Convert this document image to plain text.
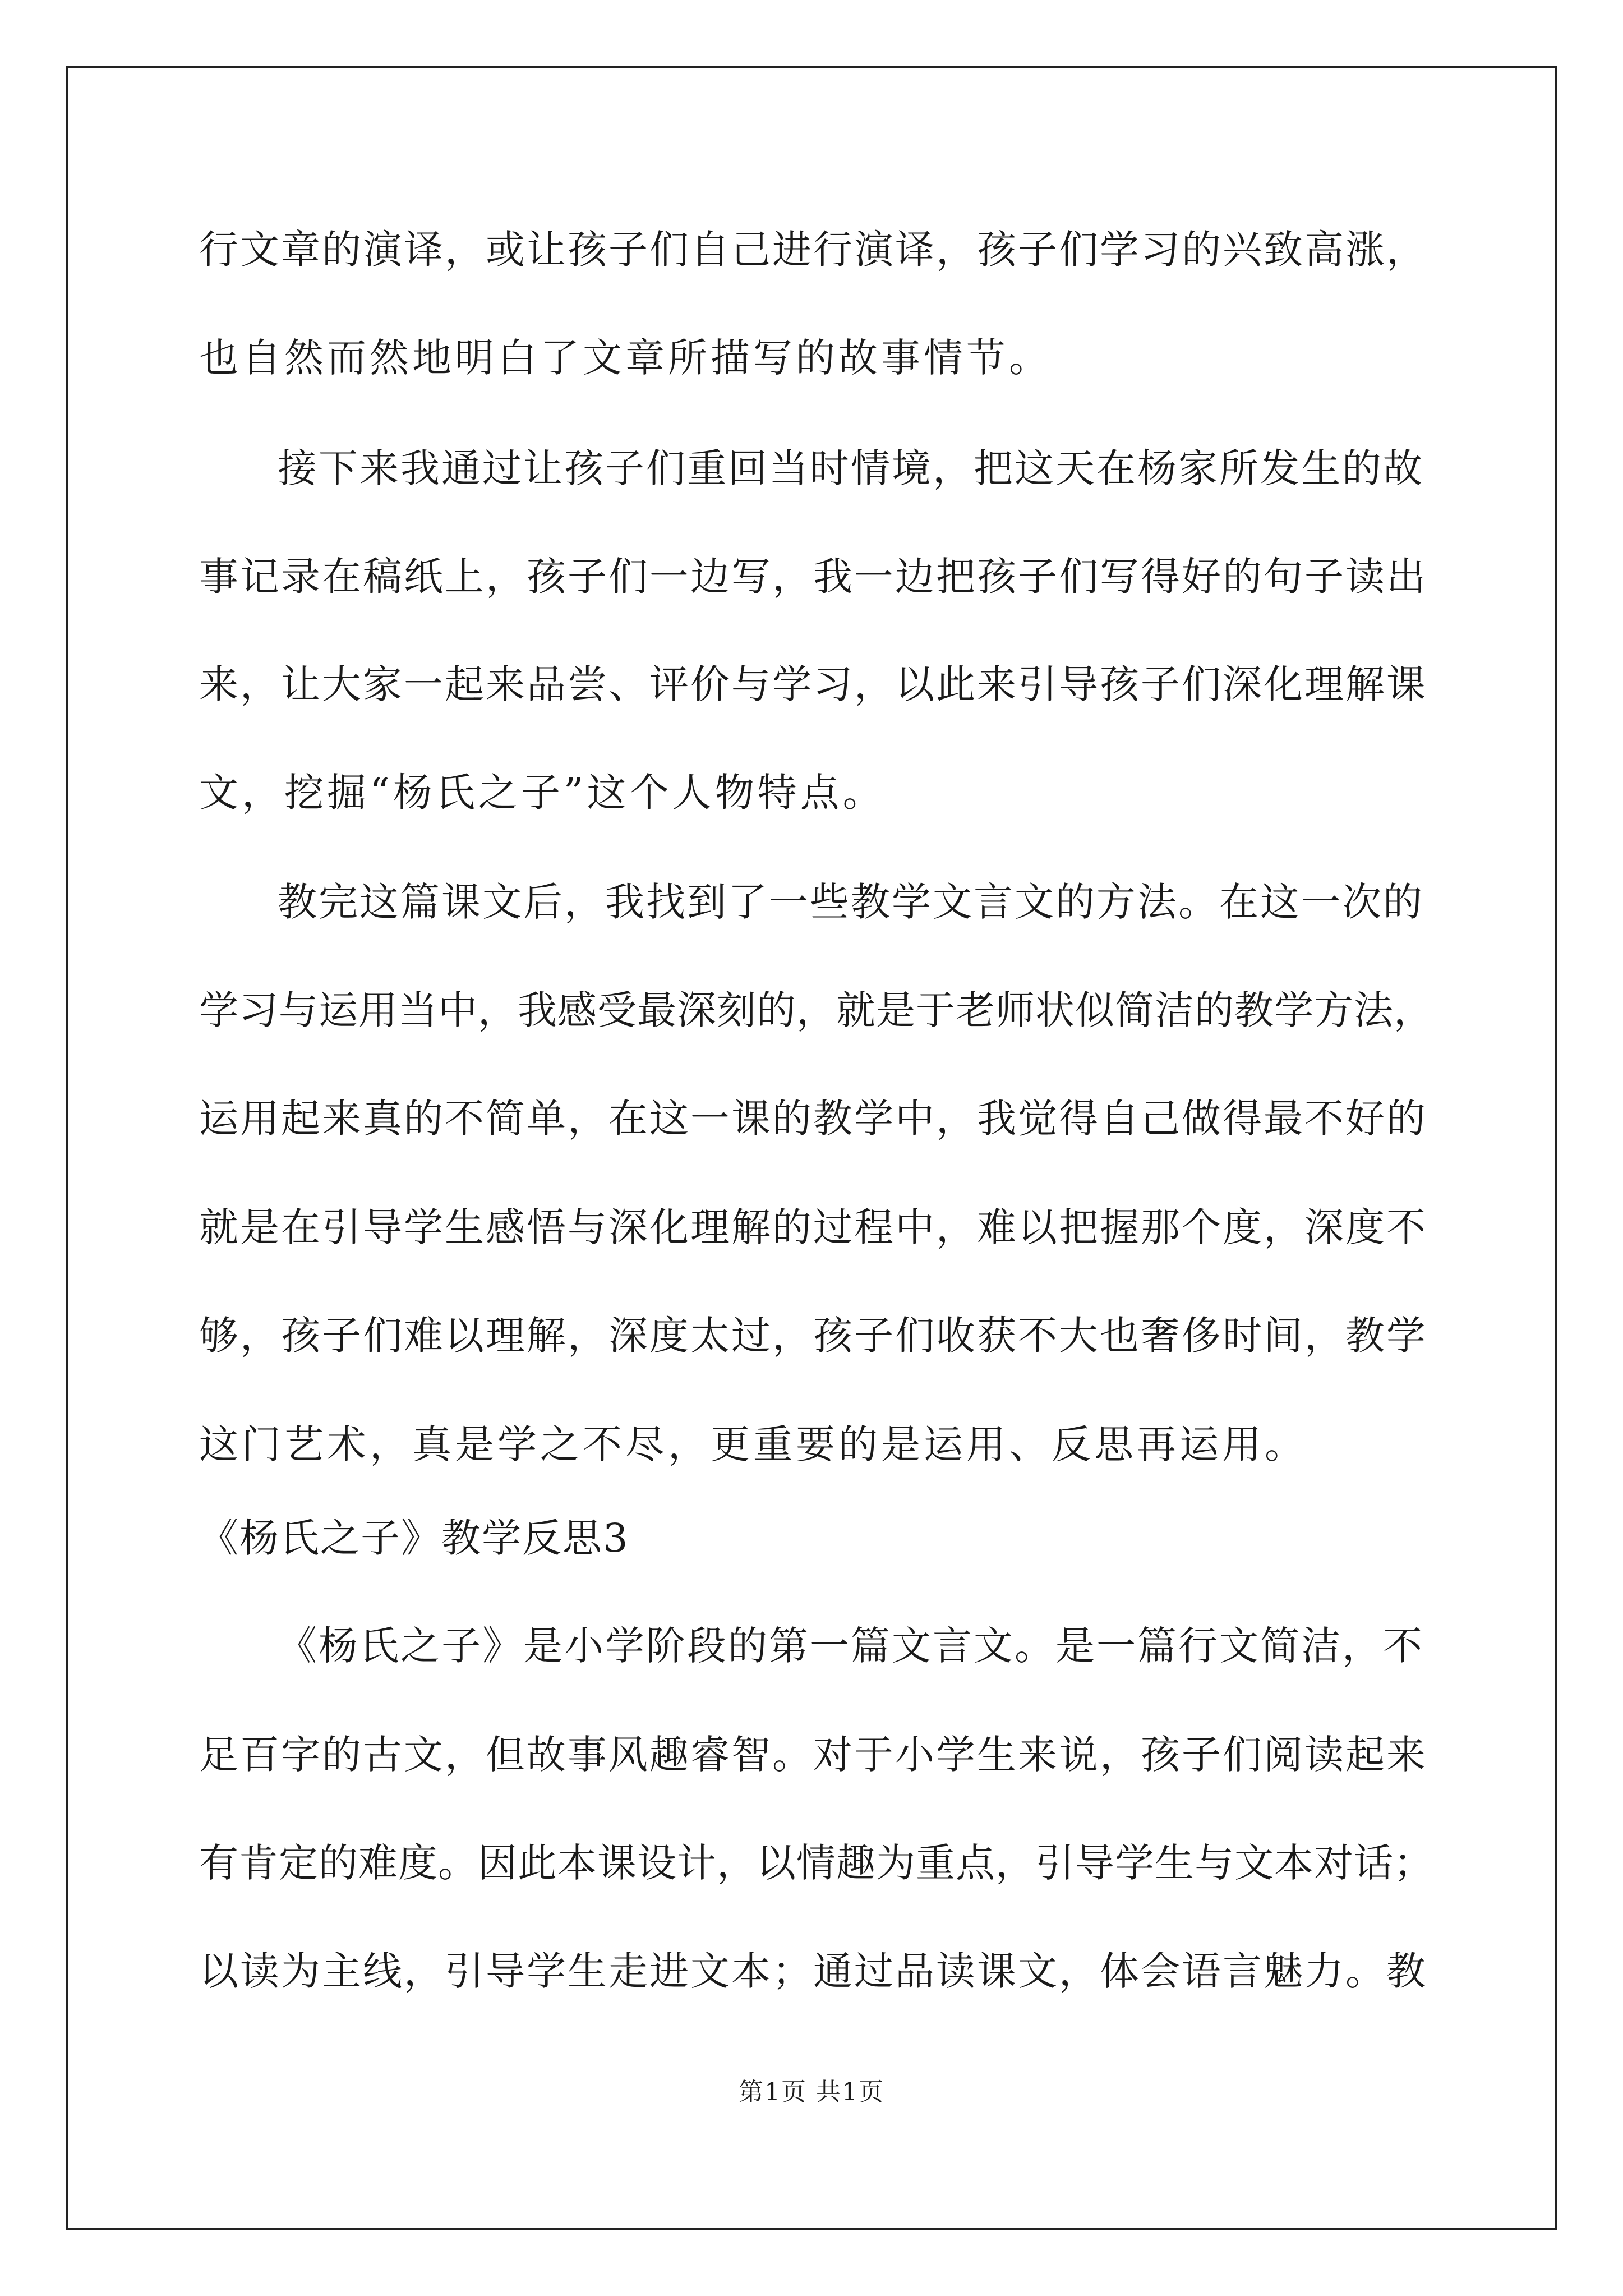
行文章的演译，或让孩子们自己进行演译，孩子们学习的兴致高涨，
也自然而然地明白了文章所描写的故事情节。
接下来我通过让孩子们重回当时情境，把这天在杨家所发生的故
事记录在稿纸上，孩子们一边写，我一边把孩子们写得好的句子读出
来，让大家一起来品尝、评价与学习，以此来引导孩子们深化理解课
文，挖掘“杨氏之子”这个人物特点。
教完这篇课文后，我找到了一些教学文言文的方法。在这一次的
学习与运用当中，我感受最深刻的，就是于老师状似简洁的教学方法，
运用起来真的不简单，在这一课的教学中，我觉得自己做得最不好的
就是在引导学生感悟与深化理解的过程中，难以把握那个度，深度不
够，孩子们难以理解，深度太过，孩子们收获不大也奢侈时间，教学
这门艺术，真是学之不尽，更重要的是运用、反思再运用。
《杨氏之子》教学反思3
《杨氏之子》是小学阶段的第一篇文言文。是一篇行文简洁，不
足百字的古文，但故事风趣睿智。对于小学生来说，孩子们阅读起来
有肯定的难度。因此本课设计，以情趣为重点，引导学生与文本对话；
以读为主线，引导学生走进文本；通过品读课文，体会语言魅力。教
第1页 共1页
